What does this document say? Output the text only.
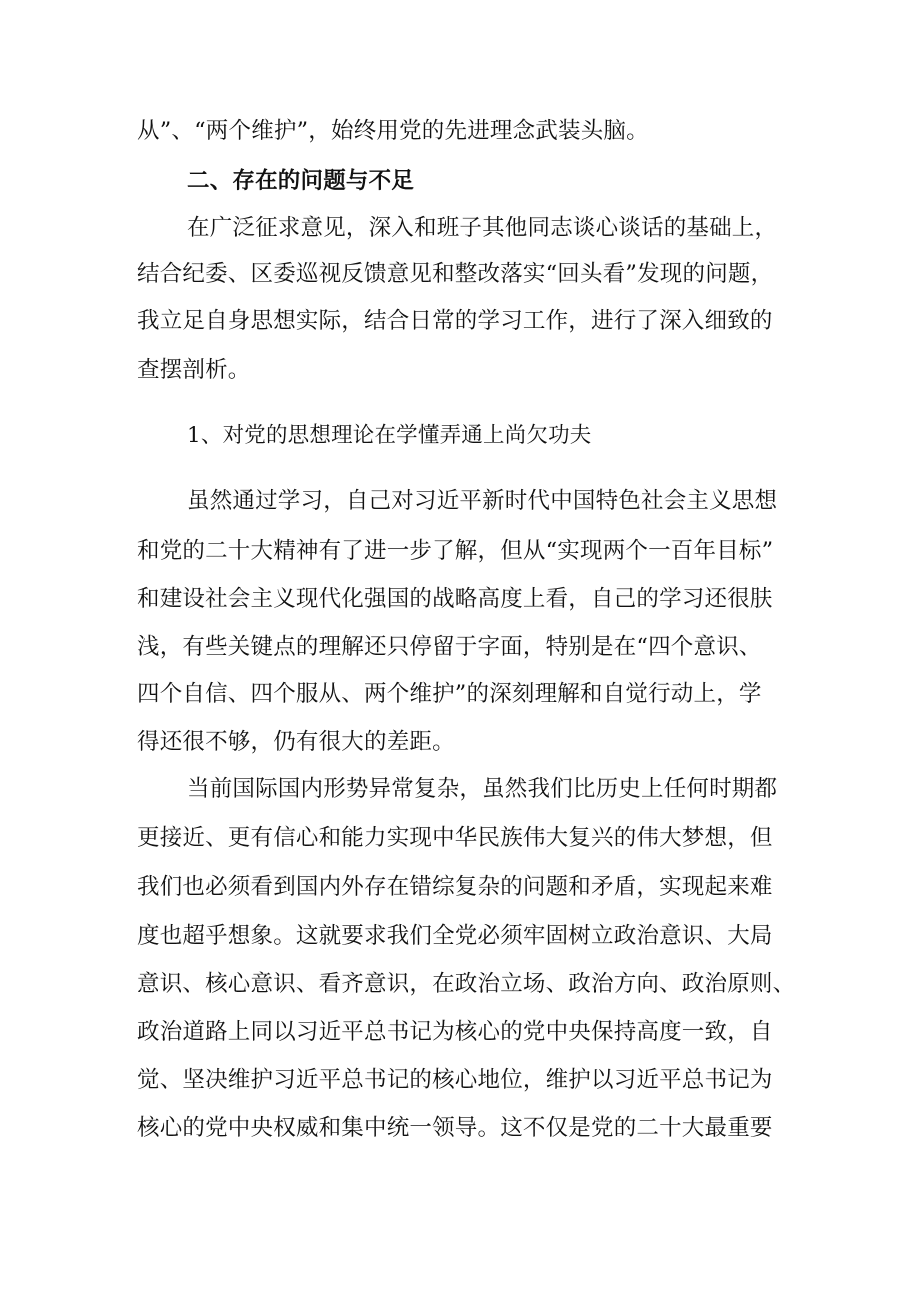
从”、“两个维护”，始终用党的先进理念武装头脑。
二、存在的问题与不足
在广泛征求意见，深入和班子其他同志谈心谈话的基础上，
结合纪委、区委巡视反馈意见和整改落实“回头看”发现的问题，
我立足自身思想实际，结合日常的学习工作，进行了深入细致的
查摆剖析。
1、对党的思想理论在学懂弄通上尚欠功夫
虽然通过学习，自己对习近平新时代中国特色社会主义思想
和党的二十大精神有了进一步了解，但从“实现两个一百年目标”
和建设社会主义现代化强国的战略高度上看，自己的学习还很肤
浅，有些关键点的理解还只停留于字面，特别是在“四个意识、
四个自信、四个服从、两个维护”的深刻理解和自觉行动上，学
得还很不够，仍有很大的差距。
当前国际国内形势异常复杂，虽然我们比历史上任何时期都
更接近、更有信心和能力实现中华民族伟大复兴的伟大梦想，但
我们也必须看到国内外存在错综复杂的问题和矛盾，实现起来难
度也超乎想象。这就要求我们全党必须牢固树立政治意识、大局
意识、核心意识、看齐意识，在政治立场、政治方向、政治原则、
政治道路上同以习近平总书记为核心的党中央保持高度一致，自
觉、坚决维护习近平总书记的核心地位，维护以习近平总书记为
核心的党中央权威和集中统一领导。这不仅是党的二十大最重要
